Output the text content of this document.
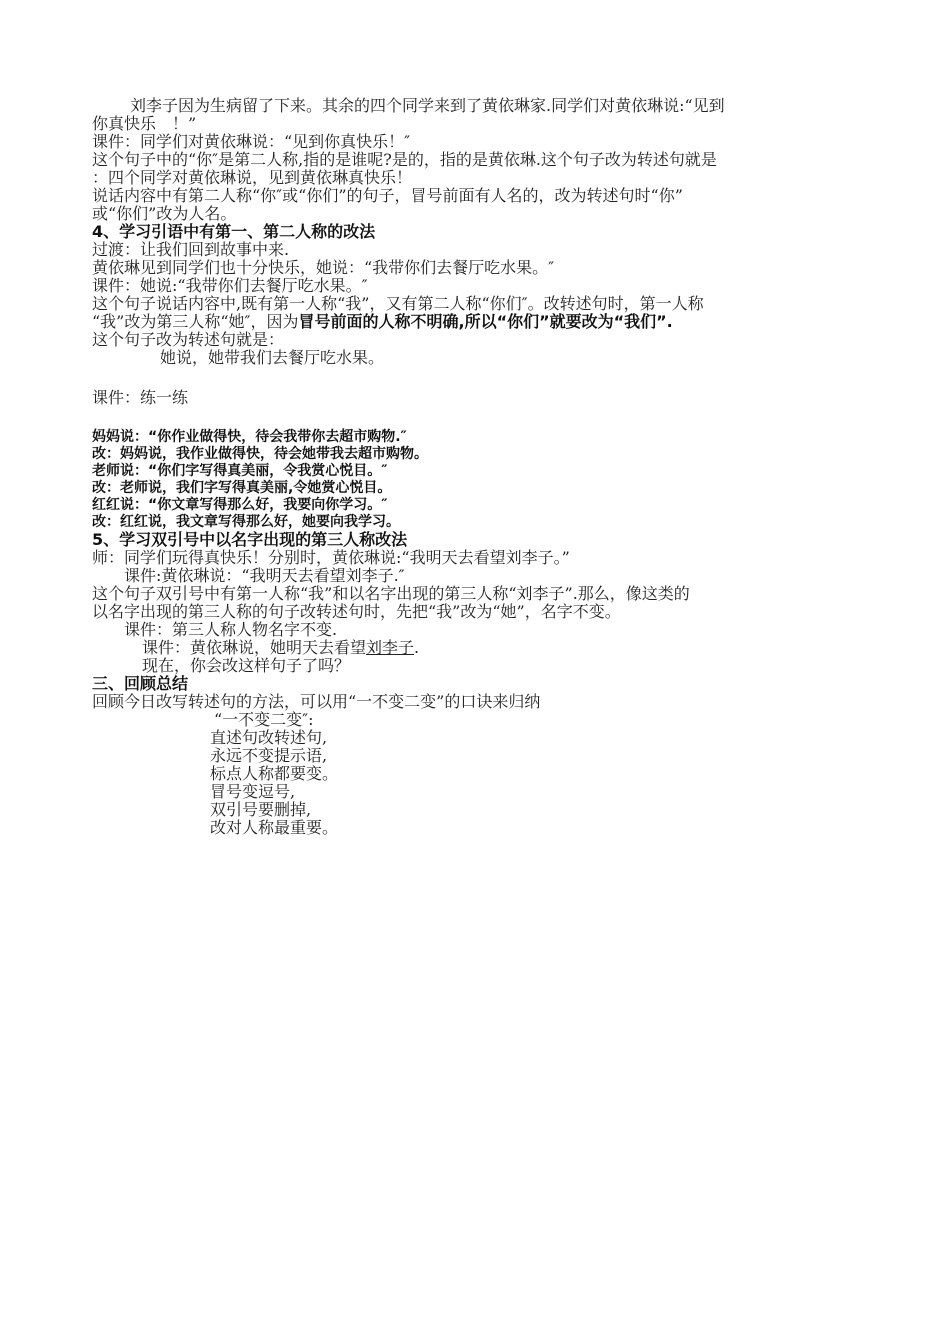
刘李子因为生病留了下来。其余的四个同学来到了黄依琳家.同学们对黄依琳说:“见到

你真快乐　！”

课件：同学们对黄依琳说：“见到你真快乐！″

这个句子中的“你″是第二人称,指的是谁呢?是的，指的是黄依琳.这个句子改为转述句就是

：四个同学对黄依琳说，见到黄依琳真快乐！

说话内容中有第二人称“你″或“你们”的句子，冒号前面有人名的，改为转述句时“你”

或“你们”改为人名。

4、学习引语中有第一、第二人称的改法

过渡：让我们回到故事中来.

黄依琳见到同学们也十分快乐，她说：“我带你们去餐厅吃水果。″

课件：她说:“我带你们去餐厅吃水果。″

这个句子说话内容中,既有第一人称“我”，又有第二人称“你们″。改转述句时，第一人称

“我”改为第三人称“她″，因为冒号前面的人称不明确,所以“你们”就要改为“我们”.

这个句子改为转述句就是：

她说，她带我们去餐厅吃水果。

课件：练一练

妈妈说：“你作业做得快，待会我带你去超市购物.″

改：妈妈说，我作业做得快，待会她带我去超市购物。

老师说：“你们字写得真美丽，令我赏心悦目。″

改：老师说，我们字写得真美丽,令她赏心悦目。

红红说：“你文章写得那么好，我要向你学习。″

改：红红说，我文章写得那么好，她要向我学习。

5、学习双引号中以名字出现的第三人称改法

师：同学们玩得真快乐！分别时，黄依琳说:“我明天去看望刘李子。”

课件:黄依琳说：“我明天去看望刘李子.″

这个句子双引号中有第一人称“我”和以名字出现的第三人称“刘李子”.那么，像这类的

以名字出现的第三人称的句子改转述句时，先把“我”改为“她”，名字不变。

课件：第三人称人物名字不变.

课件：黄依琳说，她明天去看望刘李子.

现在，你会改这样句子了吗？

三、回顾总结

回顾今日改写转述句的方法，可以用“一不变二变”的口诀来归纳

“一不变二变″:

直述句改转述句,

永远不变提示语,

标点人称都要变。

冒号变逗号,

双引号要删掉,

改对人称最重要。
